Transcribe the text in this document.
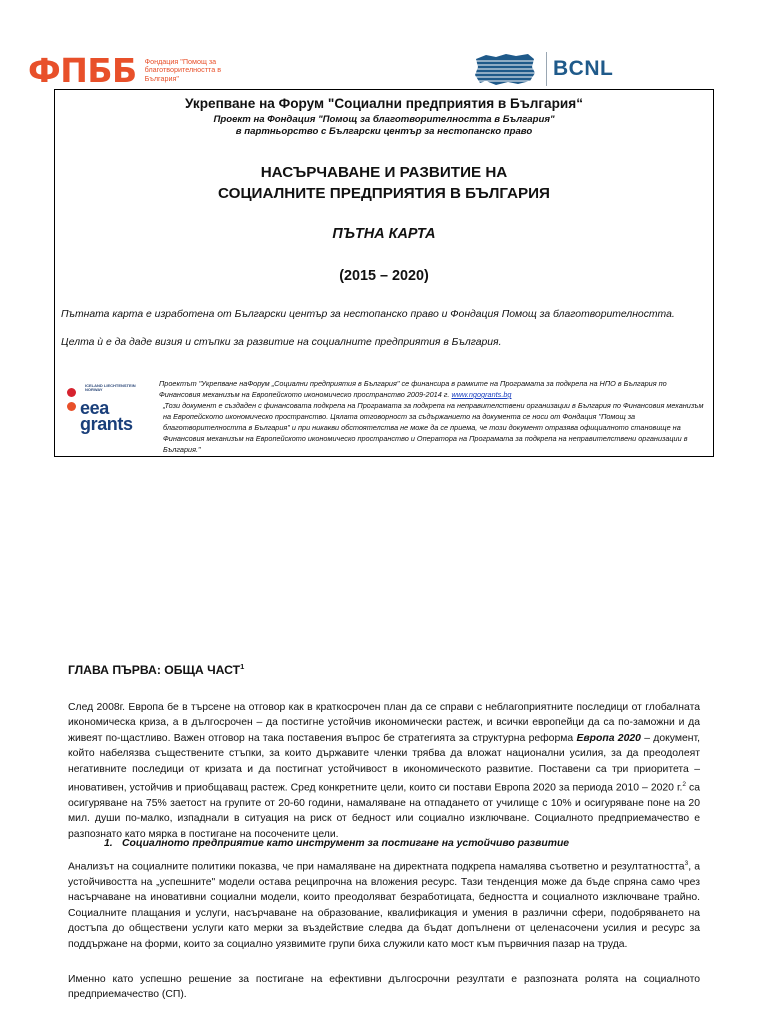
ФПББ Фондация "Помощ за благотворителността в България"	BCNL
Укрепване на Форум "Социални предприятия в България“
Проект на Фондация "Помощ за благотворителността в България"
в партньорство с Български център за нестопанско право
НАСЪРЧАВАНЕ И РАЗВИТИЕ НА
СОЦИАЛНИТЕ ПРЕДПРИЯТИЯ В БЪЛГАРИЯ
ПЪТНА КАРТА
(2015 – 2020)
Пътната карта е изработена от Български център за нестопанско право и Фондация Помощ за благотворителността.
Целта ѝ е да даде визия и стъпки за развитие на социалните предприятия в България.
ICELAND LIECHTENSTEIN NORWAY
eea
grants

Проектът "Укрепване наФорум „Социални предприятия в България" се финансира в рамките на Програмата за подкрепа на НПО в България по Финансовия механизъм на Европейското икономическо пространство 2009-2014 г. www.ngogrants.bg

„Този документ е създаден с финансовата подкрепа на Програмата за подкрепа на неправителствени организации в България по Финансовия механизъм на Европейското икономическо пространство. Цялата отговорност за съдържанието на документа се носи от Фондация "Помощ за благотворителността в България" и при никакви обстоятелства не може да се приема, че този документ отразява официалното становище на Финансовия механизъм на Европейското икономическо пространство и Оператора на Програмата за подкрепа на неправителствени организации в България."

ГЛАВА ПЪРВА: ОБЩА ЧАСТ$^1$
След 2008г. Европа бе в търсене на отговор как в краткосрочен план да се справи с неблагоприятните последици от глобалната икономическа криза, а в дългосрочен – да постигне устойчив икономически растеж, и всички европейци да са по-заможни и да живеят по-щастливо. Важен отговор на така поставения въпрос бе стратегията за структурна реформа Европа 2020 – документ, който набелязва съществените стъпки, за които държавите членки трябва да вложат национални усилия, за да преодолеят негативните последици от кризата и да постигнат устойчивост в икономическото развитие. Поставени са три приоритета – иновативен, устойчив и приобщаващ растеж. Сред конкретните цели, които си постави Европа 2020 за периода 2010 – 2020 г.$^2$ са осигуряване на 75% заетост на групите от 20-60 години, намаляване на отпадането от училище с 10% и осигуряване поне на 20 мил. души по-малко, изпаднали в ситуация на риск от бедност или социално изключване. Социалното предприемачество е разпознато като мярка в постигане на посочените цели.
1. Социалното предприятие като инструмент за постигане на устойчиво развитие
Анализът на социалните политики показва, че при намаляване на директната подкрепа намалява съответно и резултатността$^3$, а устойчивостта на „успешните" модели остава реципрочна на вложения ресурс. Тази тенденция може да бъде спряна само чрез насърчаване на иновативни социални модели, които преодоляват безработицата, бедността и социалното изключване трайно. Социалните плащания и услуги, насърчаване на образование, квалификация и умения в различни сфери, подобряването на достъпа до обществени услуги като мерки за въздействие следва да бъдат допълнени от целенасочени усилия и ресурс за поддържане на форми, които за социално уязвимите групи биха служили като мост към първичния пазар на труда.
Именно като успешно решение за постигане на ефективни дългосрочни резултати е разпозната ролята на социалното предприемачество (СП).
